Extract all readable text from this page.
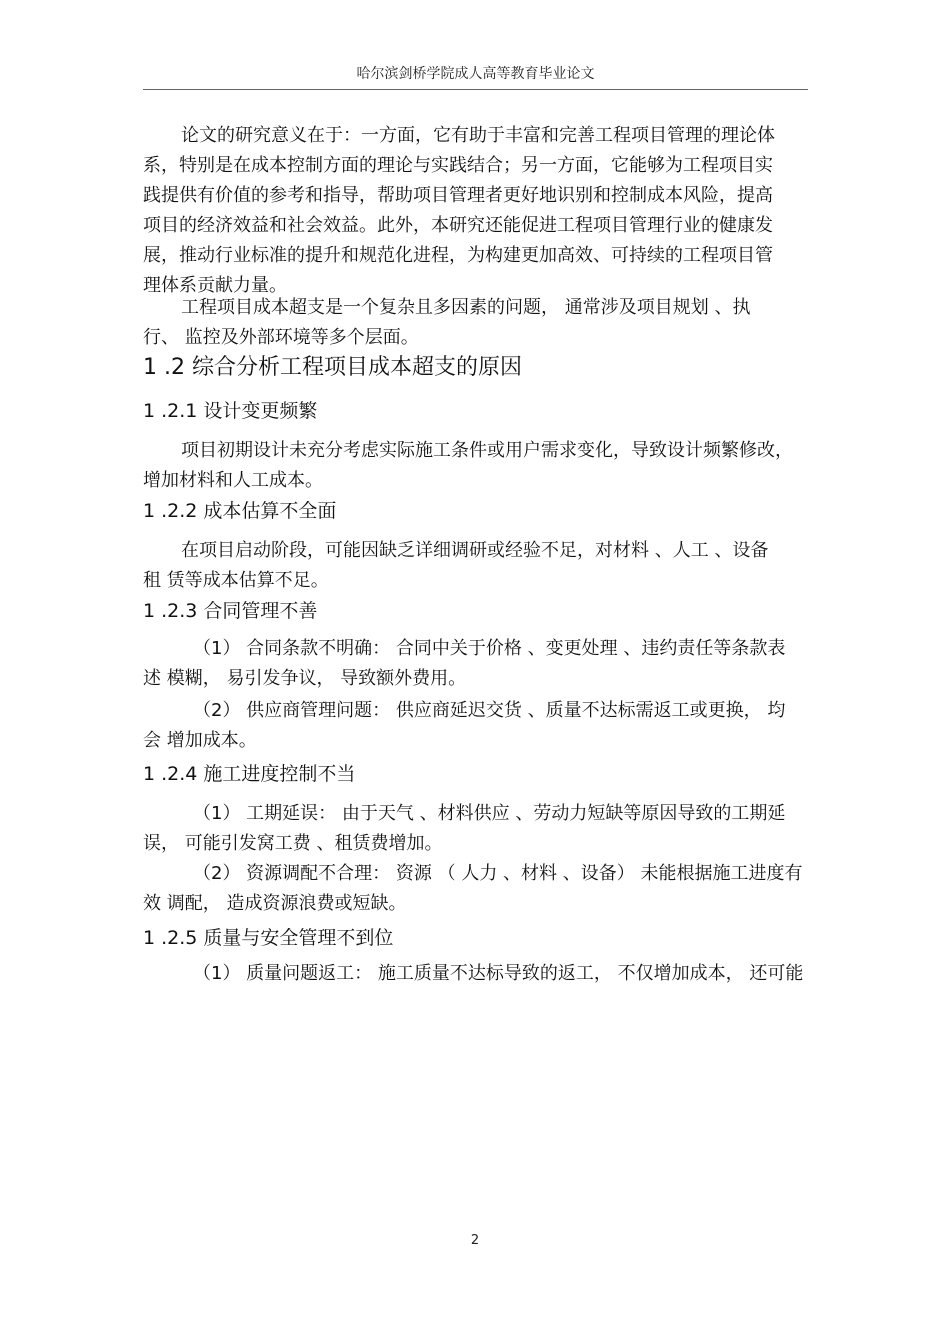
哈尔滨剑桥学院成人高等教育毕业论文
论文的研究意义在于：一方面，它有助于丰富和完善工程项目管理的理论体
系，特别是在成本控制方面的理论与实践结合；另一方面，它能够为工程项目实
践提供有价值的参考和指导，帮助项目管理者更好地识别和控制成本风险，提高
项目的经济效益和社会效益。此外，本研究还能促进工程项目管理行业的健康发
展，推动行业标准的提升和规范化进程，为构建更加高效、可持续的工程项目管
理体系贡献力量。
工程项目成本超支是一个复杂且多因素的问题， 通常涉及项目规划 、执
行、 监控及外部环境等多个层面。
1 .2 综合分析工程项目成本超支的原因
1 .2.1 设计变更频繁
项目初期设计未充分考虑实际施工条件或用户需求变化，导致设计频繁修改，
增加材料和人工成本。
1 .2.2 成本估算不全面
在项目启动阶段，可能因缺乏详细调研或经验不足，对材料 、人工 、设备
租 赁等成本估算不足。
1 .2.3 合同管理不善
（1） 合同条款不明确： 合同中关于价格 、变更处理 、违约责任等条款表
述 模糊， 易引发争议， 导致额外费用。
（2） 供应商管理问题： 供应商延迟交货 、质量不达标需返工或更换， 均
会 增加成本。
1 .2.4 施工进度控制不当
（1） 工期延误： 由于天气 、材料供应 、劳动力短缺等原因导致的工期延
误， 可能引发窝工费 、租赁费增加。
（2） 资源调配不合理： 资源 （ 人力 、材料 、设备） 未能根据施工进度有
效 调配， 造成资源浪费或短缺。
1 .2.5 质量与安全管理不到位
（1） 质量问题返工： 施工质量不达标导致的返工， 不仅增加成本， 还可能
2
